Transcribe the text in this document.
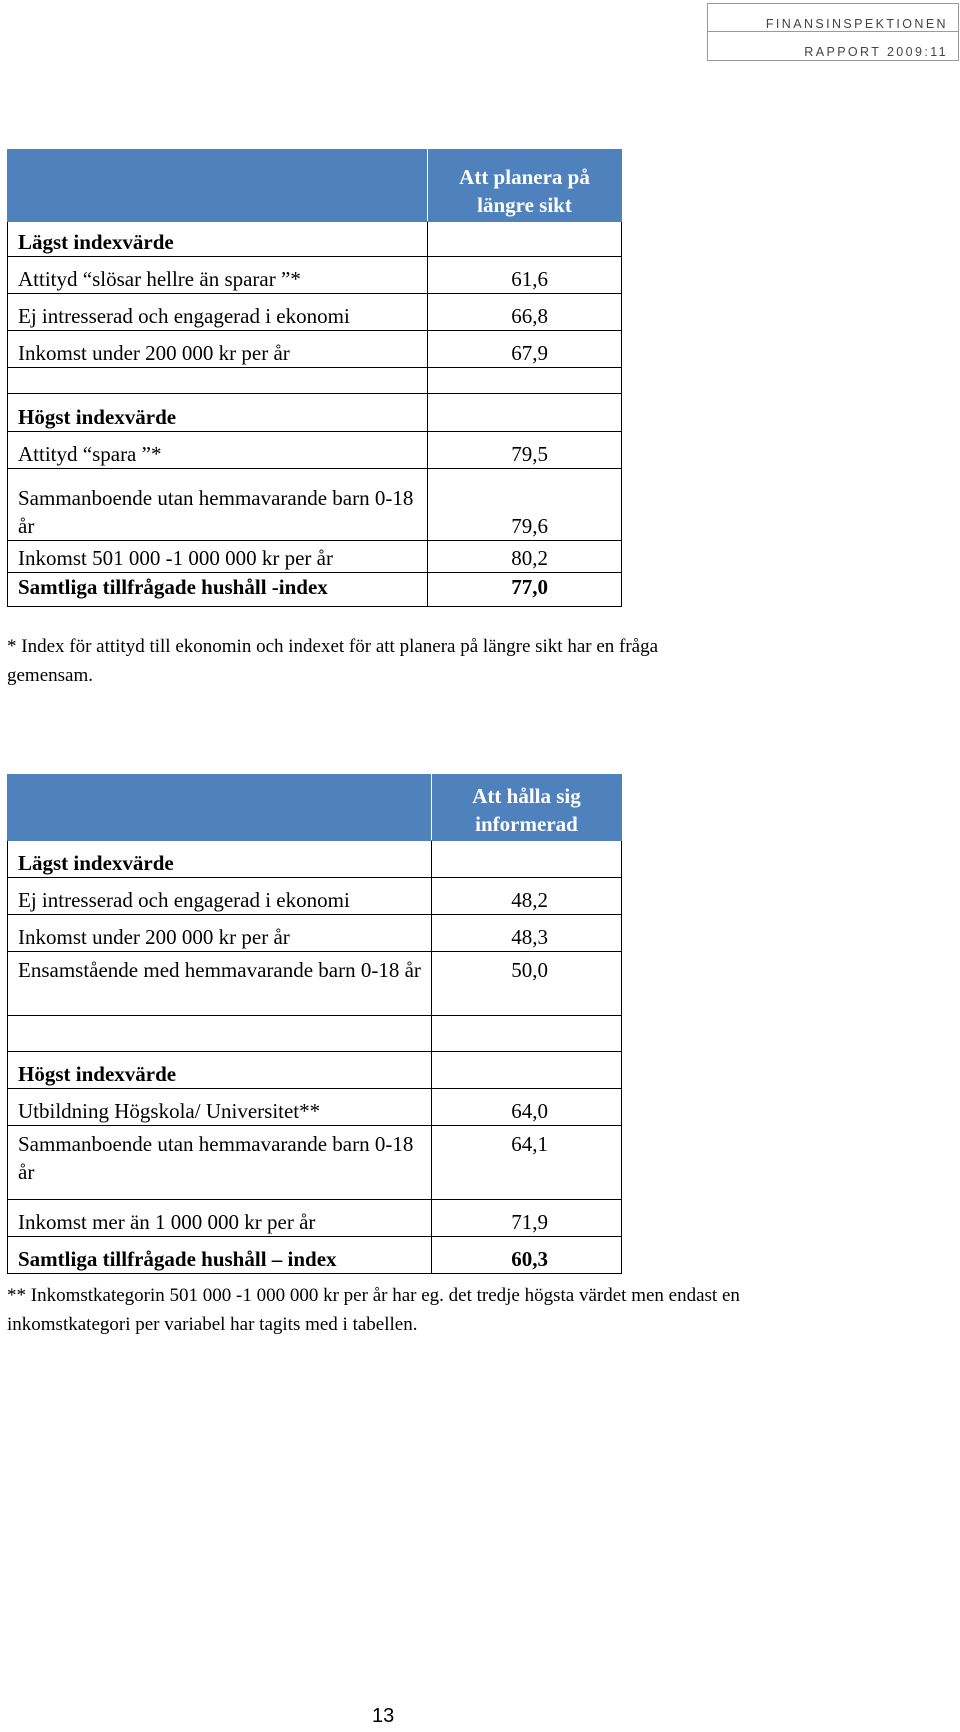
FINANSINSPEKTIONEN
RAPPORT 2009:11
	Att planera på längre sikt
Lägst indexvärde	
Attityd “slösar hellre än sparar ”*	61,6
Ej intresserad och engagerad i ekonomi	66,8
Inkomst under 200 000 kr per år	67,9

Högst indexvärde	
Attityd “spara ”*	79,5
Sammanboende utan hemmavarande barn 0-18 år	79,6
Inkomst 501 000 -1 000 000 kr per år	80,2
Samtliga tillfrågade hushåll -index	77,0
* Index för attityd till ekonomin och indexet för att planera på längre sikt har en fråga gemensam.
	Att hålla sig informerad
Lägst indexvärde	
Ej intresserad och engagerad i ekonomi	48,2
Inkomst under 200 000 kr per år	48,3
Ensamstående med hemmavarande barn 0-18 år	50,0

Högst indexvärde	
Utbildning Högskola/ Universitet**	64,0
Sammanboende utan hemmavarande barn 0-18 år	64,1
Inkomst mer än 1 000 000 kr per år	71,9
Samtliga tillfrågade hushåll – index	60,3
** Inkomstkategorin 501 000 -1 000 000 kr per år har eg. det tredje högsta värdet men endast en inkomstkategori per variabel har tagits med i tabellen.
13
